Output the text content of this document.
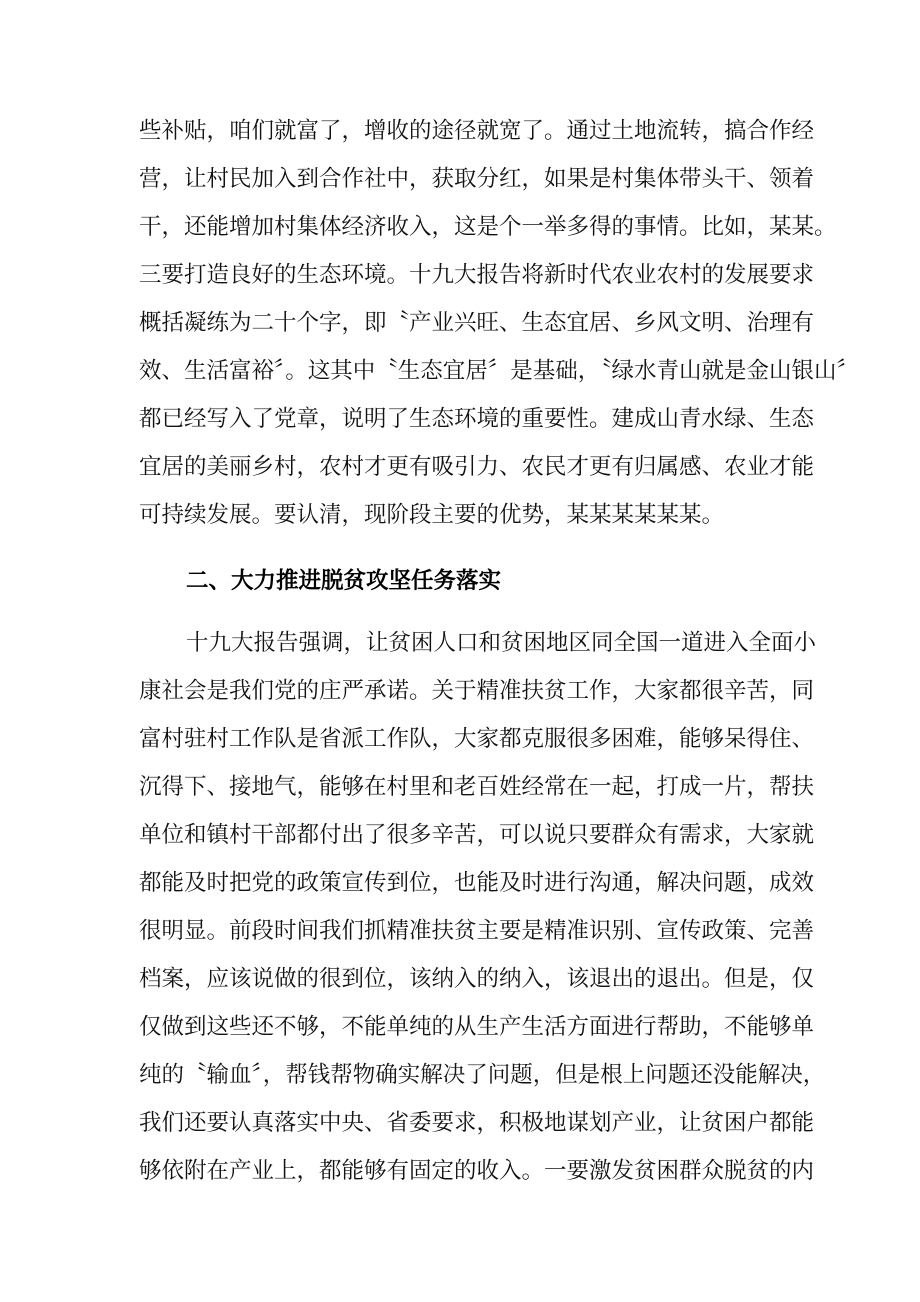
些补贴，咱们就富了，增收的途径就宽了。通过土地流转，搞合作经
营，让村民加入到合作社中，获取分红，如果是村集体带头干、领着
干，还能增加村集体经济收入，这是个一举多得的事情。比如，某某。
三要打造良好的生态环境。十九大报告将新时代农业农村的发展要求
概括凝练为二十个字，即〝产业兴旺、生态宜居、乡风文明、治理有
效、生活富裕〞。这其中〝生态宜居〞是基础，〝绿水青山就是金山银山〞
都已经写入了党章，说明了生态环境的重要性。建成山青水绿、生态
宜居的美丽乡村，农村才更有吸引力、农民才更有归属感、农业才能
可持续发展。要认清，现阶段主要的优势，某某某某某某。
二、大力推进脱贫攻坚任务落实
十九大报告强调，让贫困人口和贫困地区同全国一道进入全面小
康社会是我们党的庄严承诺。关于精准扶贫工作，大家都很辛苦，同
富村驻村工作队是省派工作队，大家都克服很多困难，能够呆得住、
沉得下、接地气，能够在村里和老百姓经常在一起，打成一片，帮扶
单位和镇村干部都付出了很多辛苦，可以说只要群众有需求，大家就
都能及时把党的政策宣传到位，也能及时进行沟通，解决问题，成效
很明显。前段时间我们抓精准扶贫主要是精准识别、宣传政策、完善
档案，应该说做的很到位，该纳入的纳入，该退出的退出。但是，仅
仅做到这些还不够，不能单纯的从生产生活方面进行帮助，不能够单
纯的〝输血〞，帮钱帮物确实解决了问题，但是根上问题还没能解决，
我们还要认真落实中央、省委要求，积极地谋划产业，让贫困户都能
够依附在产业上，都能够有固定的收入。一要激发贫困群众脱贫的内
